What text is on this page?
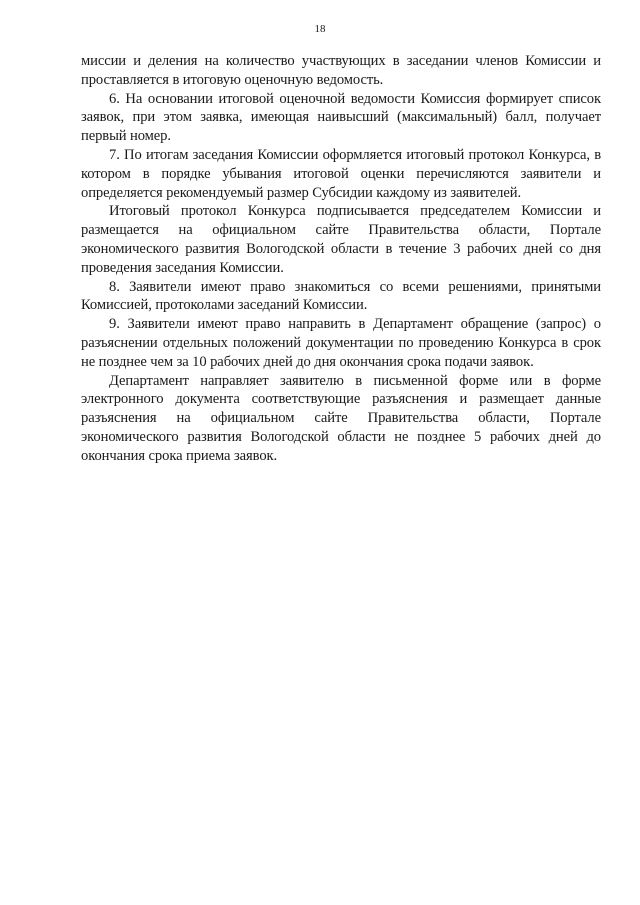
18

миссии и деления на количество участвующих в заседании членов Комиссии и проставляется в итоговую оценочную ведомость.

6. На основании итоговой оценочной ведомости Комиссия формирует список заявок, при этом заявка, имеющая наивысший (максимальный) балл, получает первый номер.

7. По итогам заседания Комиссии оформляется итоговый протокол Конкурса, в котором в порядке убывания итоговой оценки перечисляются заявители и определяется рекомендуемый размер Субсидии каждому из заявителей.

Итоговый протокол Конкурса подписывается председателем Комиссии и размещается на официальном сайте Правительства области, Портале экономического развития Вологодской области в течение 3 рабочих дней со дня проведения заседания Комиссии.

8. Заявители имеют право знакомиться со всеми решениями, принятыми Комиссией, протоколами заседаний Комиссии.

9. Заявители имеют право направить в Департамент обращение (запрос) о разъяснении отдельных положений документации по проведению Конкурса в срок не позднее чем за 10 рабочих дней до дня окончания срока подачи заявок.

Департамент направляет заявителю в письменной форме или в форме электронного документа соответствующие разъяснения и размещает данные разъяснения на официальном сайте Правительства области, Портале экономического развития Вологодской области не позднее 5 рабочих дней до окончания срока приема заявок.
